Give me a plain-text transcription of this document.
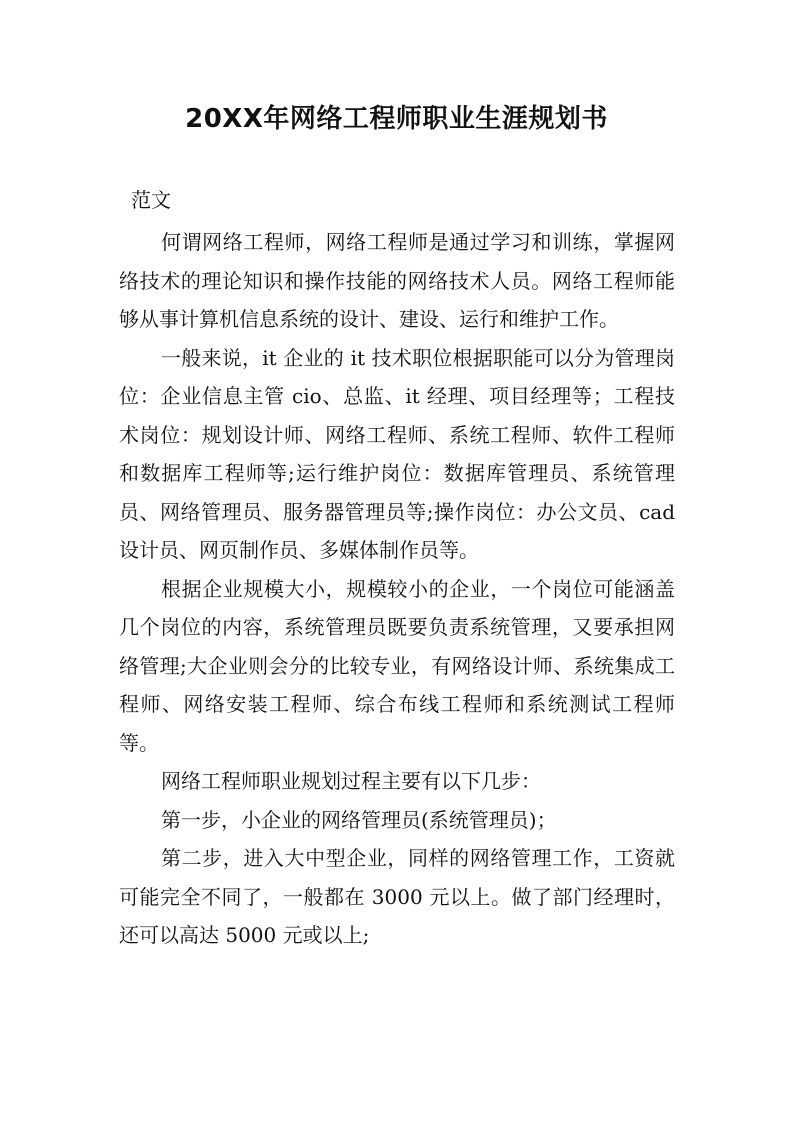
20XX年网络工程师职业生涯规划书
范文

何谓网络工程师，网络工程师是通过学习和训练，掌握网络技术的理论知识和操作技能的网络技术人员。网络工程师能够从事计算机信息系统的设计、建设、运行和维护工作。

一般来说，it 企业的 it 技术职位根据职能可以分为管理岗位：企业信息主管 cio、总监、it 经理、项目经理等；工程技术岗位：规划设计师、网络工程师、系统工程师、软件工程师和数据库工程师等;运行维护岗位：数据库管理员、系统管理员、网络管理员、服务器管理员等;操作岗位：办公文员、cad 设计员、网页制作员、多媒体制作员等。

根据企业规模大小，规模较小的企业，一个岗位可能涵盖几个岗位的内容，系统管理员既要负责系统管理，又要承担网络管理;大企业则会分的比较专业，有网络设计师、系统集成工程师、网络安装工程师、综合布线工程师和系统测试工程师等。

网络工程师职业规划过程主要有以下几步：

第一步，小企业的网络管理员(系统管理员)；

第二步，进入大中型企业，同样的网络管理工作，工资就可能完全不同了，一般都在 3000 元以上。做了部门经理时，还可以高达 5000 元或以上;
